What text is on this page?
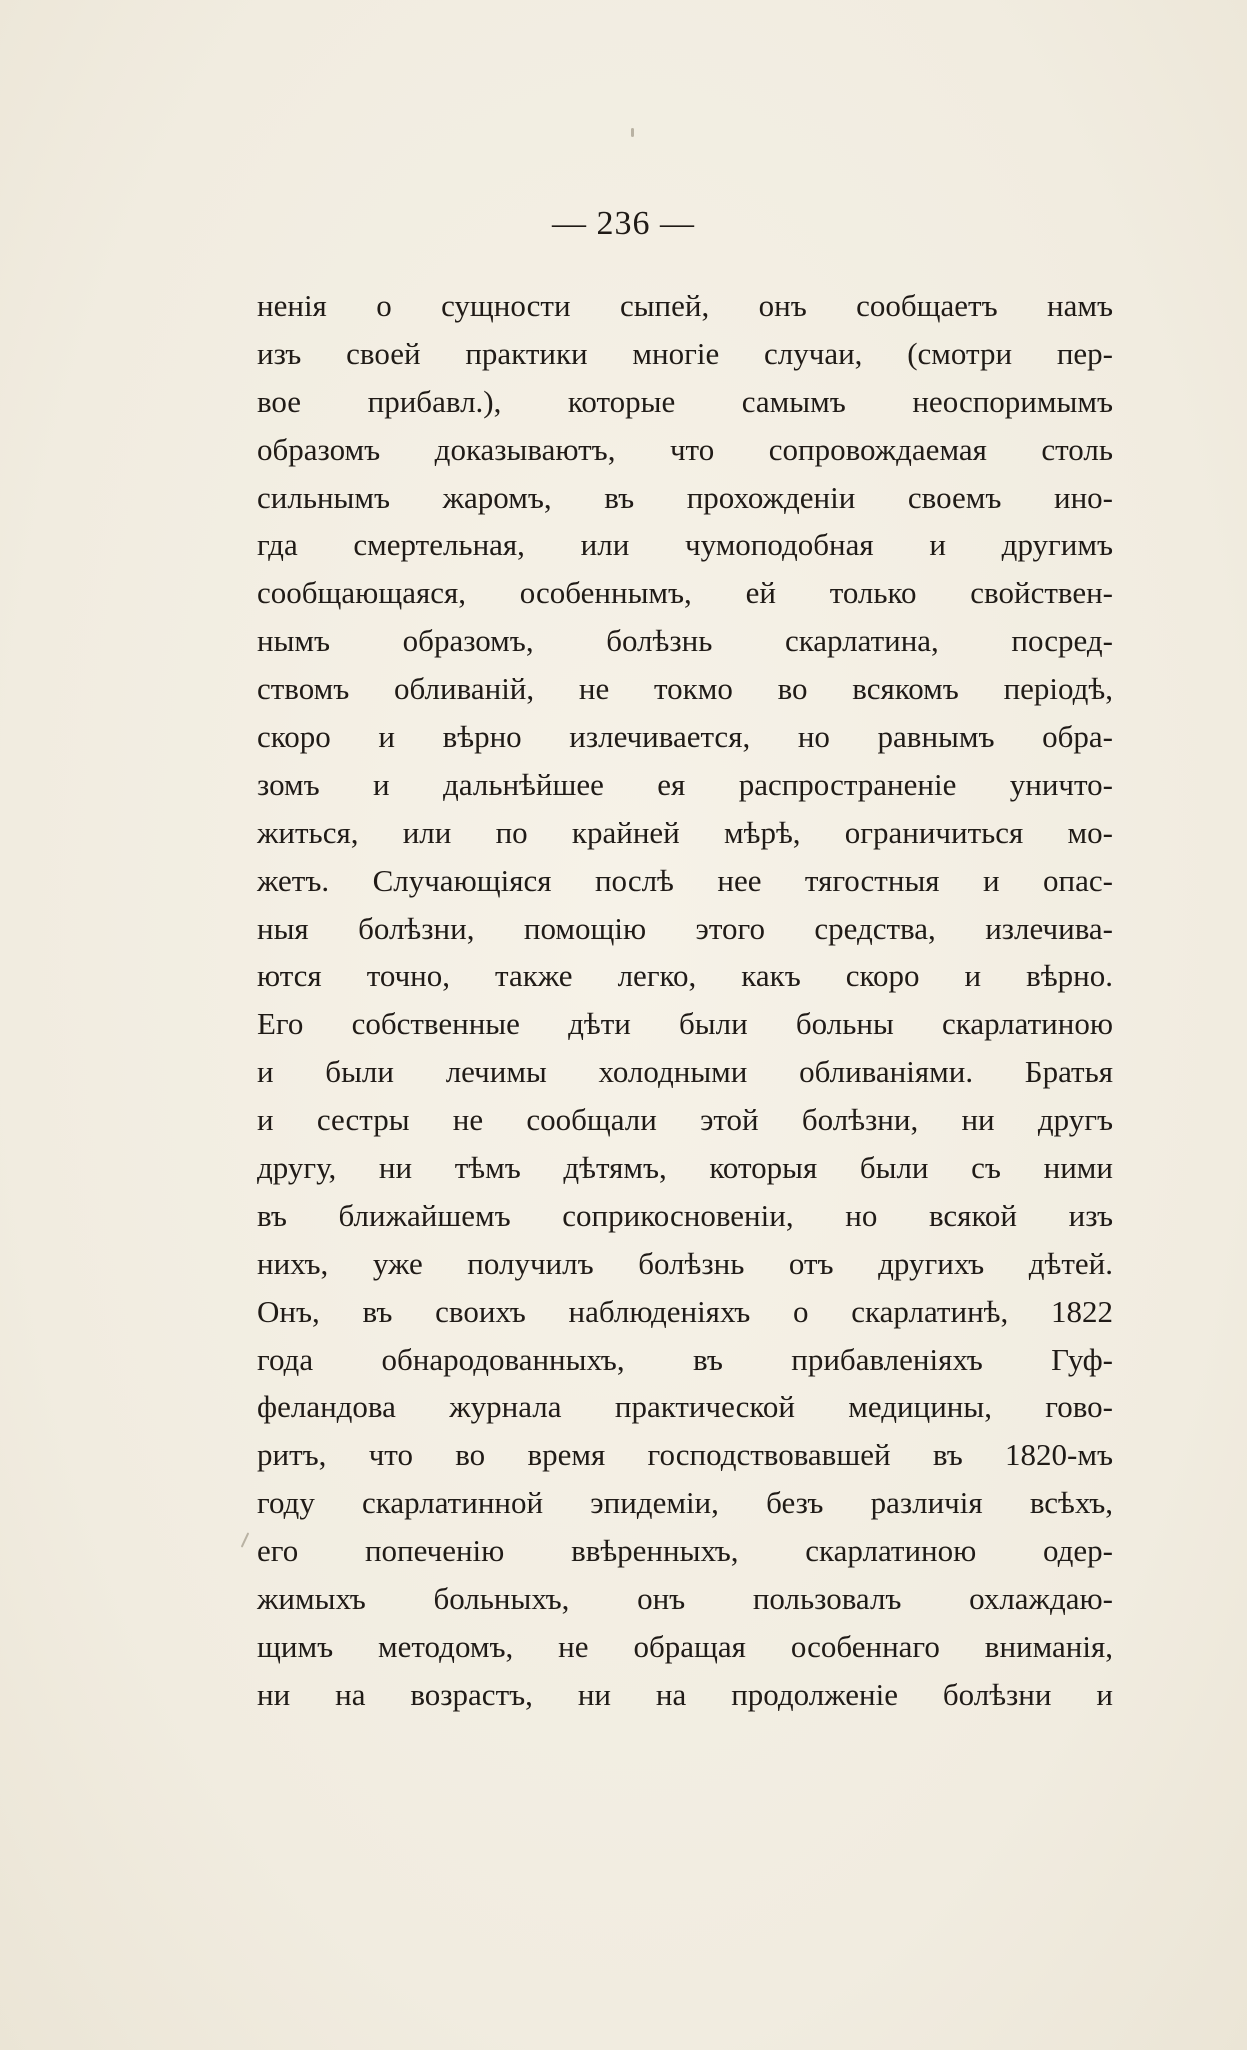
— 236 —
нeнія о сущности сыпей, онъ сообщаетъ намъ
изъ своей практики многіе случаи, (смотри пер-
вое прибавл.), которые самымъ неоспоримымъ
образомъ доказываютъ, что сопровождаемая столь
сильнымъ жаромъ, въ прохожденіи своемъ ино-
гда смертельная, или чумоподобная и другимъ
сообщающаяся, особеннымъ, ей только свойствен-
нымъ образомъ, болѣзнь скарлатина, посред-
ствомъ обливаній, не токмо во всякомъ періодѣ,
скоро и вѣрно излечивается, но равнымъ обра-
зомъ и дальнѣйшее ея распространеніе уничто-
житься, или по крайней мѣрѣ, ограничиться мо-
жетъ. Случающіяся послѣ нее тягостныя и опас-
ныя болѣзни, помощію этого средства, излечива-
ются точно, также легко, какъ скоро и вѣрно.
Его собственные дѣти были больны скарлатиною
и были лечимы холодными обливаніями. Братья
и сестры не сообщали этой болѣзни, ни другъ
другу, ни тѣмъ дѣтямъ, которыя были съ ними
въ ближайшемъ соприкосновеніи, но всякой изъ
нихъ, уже получилъ болѣзнь отъ другихъ дѣтей.
Онъ, въ своихъ наблюденіяхъ о скарлатинѣ, 1822
года обнародованныхъ, въ прибавленіяхъ Гуф-
феландова журнала практической медицины, гово-
ритъ, что во время господствовавшей въ 1820-мъ
году скарлатинной эпидеміи, безъ различія всѣхъ,
его попеченію ввѣренныхъ, скарлатиною одер-
жимыхъ больныхъ, онъ пользовалъ охлаждаю-
щимъ методомъ, не обращая особеннаго вниманія,
ни на возрастъ, ни на продолженіе болѣзни и
